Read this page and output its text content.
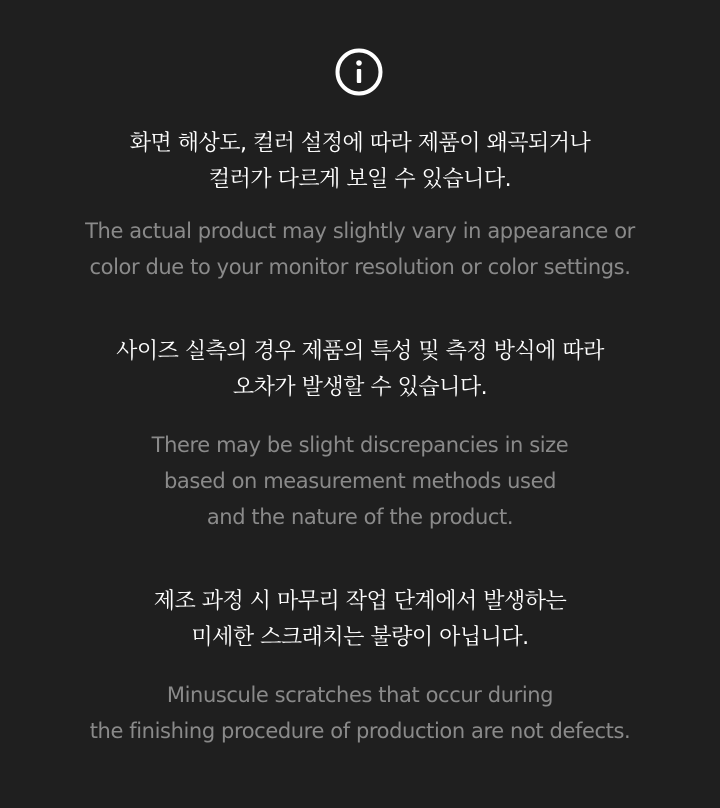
화면 해상도, 컬러 설정에 따라 제품이 왜곡되거나
컬러가 다르게 보일 수 있습니다.
The actual product may slightly vary in appearance or
color due to your monitor resolution or color settings.
사이즈 실측의 경우 제품의 특성 및 측정 방식에 따라
오차가 발생할 수 있습니다.
There may be slight discrepancies in size
based on measurement methods used
and the nature of the product.
제조 과정 시 마무리 작업 단계에서 발생하는
미세한 스크래치는 불량이 아닙니다.
Minuscule scratches that occur during
the finishing procedure of production are not defects.
